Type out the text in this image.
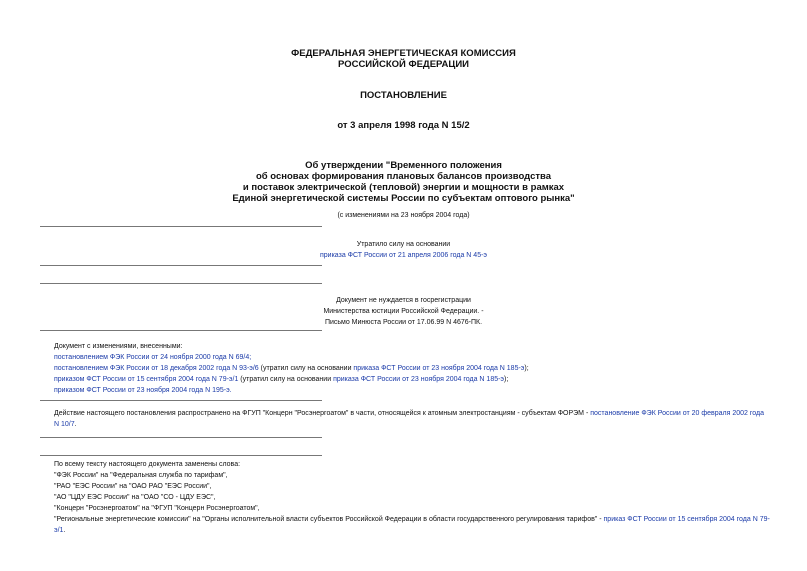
ФЕДЕРАЛЬНАЯ ЭНЕРГЕТИЧЕСКАЯ КОМИССИЯ
РОССИЙСКОЙ ФЕДЕРАЦИИ
ПОСТАНОВЛЕНИЕ
от 3 апреля 1998 года N 15/2
Об утверждении "Временного положения
об основах формирования плановых балансов производства
и поставок электрической (тепловой) энергии и мощности в рамках
Единой энергетической системы России по субъектам оптового рынка"
(с изменениями на 23 ноября 2004 года)
Утратило силу на основании
приказа ФСТ России от 21 апреля 2006 года N 45-э
Документ не нуждается в госрегистрации
Министерства юстиции Российской Федерации. -
Письмо Минюста России от 17.06.99 N 4676-ПК.
Документ с изменениями, внесенными:
постановлением ФЭК России от 24 ноября 2000 года N 69/4;
постановлением ФЭК России от 18 декабря 2002 года N 93-э/6 (утратил силу на основании приказа ФСТ России от 23 ноября 2004 года N 185-э);
приказом ФСТ России от 15 сентября 2004 года N 79-э/1 (утратил силу на основании приказа ФСТ России от 23 ноября 2004 года N 185-э);
приказом ФСТ России от 23 ноября 2004 года N 195-э.
Действие настоящего постановления распространено на ФГУП "Концерн "Росэнергоатом" в части, относящейся к атомным электростанциям - субъектам ФОРЭМ - постановление ФЭК России от 20 февраля 2002 года N 10/7.
По всему тексту настоящего документа заменены слова:
"ФЭК России" на "Федеральная служба по тарифам",
"РАО "ЕЭС России" на "ОАО РАО "ЕЭС России",
"АО "ЦДУ ЕЭС России" на "ОАО "СО - ЦДУ ЕЭС",
"Концерн "Росэнергоатом" на "ФГУП "Концерн Росэнергоатом",
"Региональные энергетические комиссии" на "Органы исполнительной власти субъектов Российской Федерации в области государственного регулирования тарифов" - приказ ФСТ России от 15 сентября 2004 года N 79-э/1.
